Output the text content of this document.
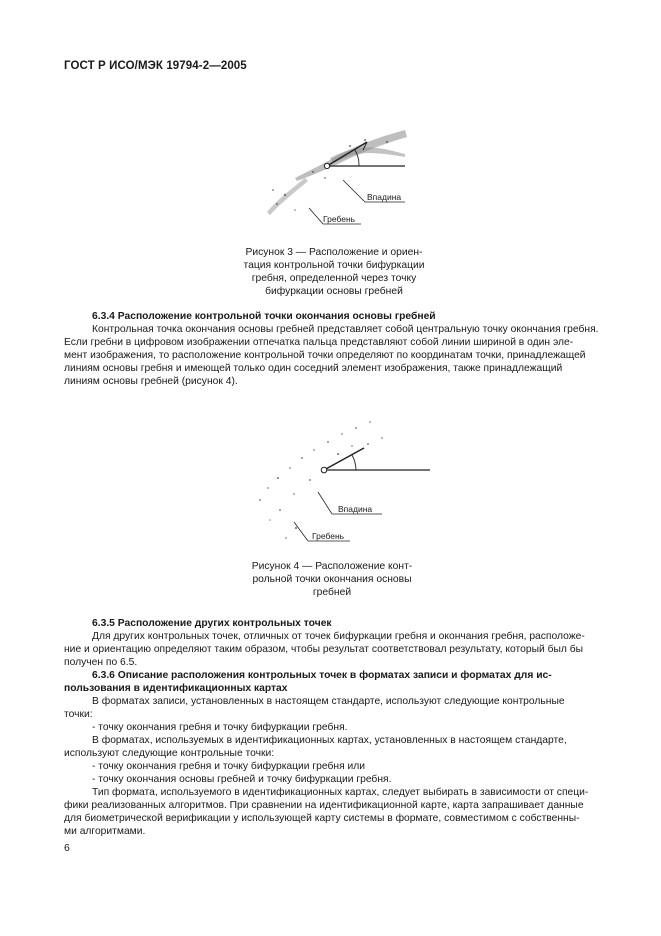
ГОСТ Р ИСО/МЭК 19794-2—2005
Впадина
Гребень
Рисунок 3 — Расположение и ориен-
тация контрольной точки бифуркации
гребня, определенной через точку
бифуркации основы гребней
6.3.4 Расположение контрольной точки окончания основы гребней

Контрольная точка окончания основы гребней представляет собой центральную точку окончания гребня.
Если гребни в цифровом изображении отпечатка пальца представляют собой линии шириной в один эле-
мент изображения, то расположение контрольной точки определяют по координатам точки, принадлежащей
линиям основы гребня и имеющей только один соседний элемент изображения, также принадлежащий
линиям основы гребней (рисунок 4).

Впадина
Гребень
Рисунок 4 — Расположение конт-
рольной точки окончания основы
гребней
6.3.5 Расположение других контрольных точек
Для других контрольных точек, отличных от точек бифуркации гребня и окончания гребня, расположе-
ние и ориентацию определяют таким образом, чтобы результат соответствовал результату, который был бы
получен по 6.5.
6.3.6 Описание расположения контрольных точек в форматах записи и форматах для ис-
пользования в идентификационных картах
В форматах записи, установленных в настоящем стандарте, используют следующие контрольные
точки:
- точку окончания гребня и точку бифуркации гребня.
В форматах, используемых в идентификационных картах, установленных в настоящем стандарте,
используют следующие контрольные точки:
- точку окончания гребня и точку бифуркации гребня или
- точку окончания основы гребней и точку бифуркации гребня.
Тип формата, используемого в идентификационных картах, следует выбирать в зависимости от специ-
фики реализованных алгоритмов. При сравнении на идентификационной карте, карта запрашивает данные
для биометрической верификации у использующей карту системы в формате, совместимом с собственны-
ми алгоритмами.
6
